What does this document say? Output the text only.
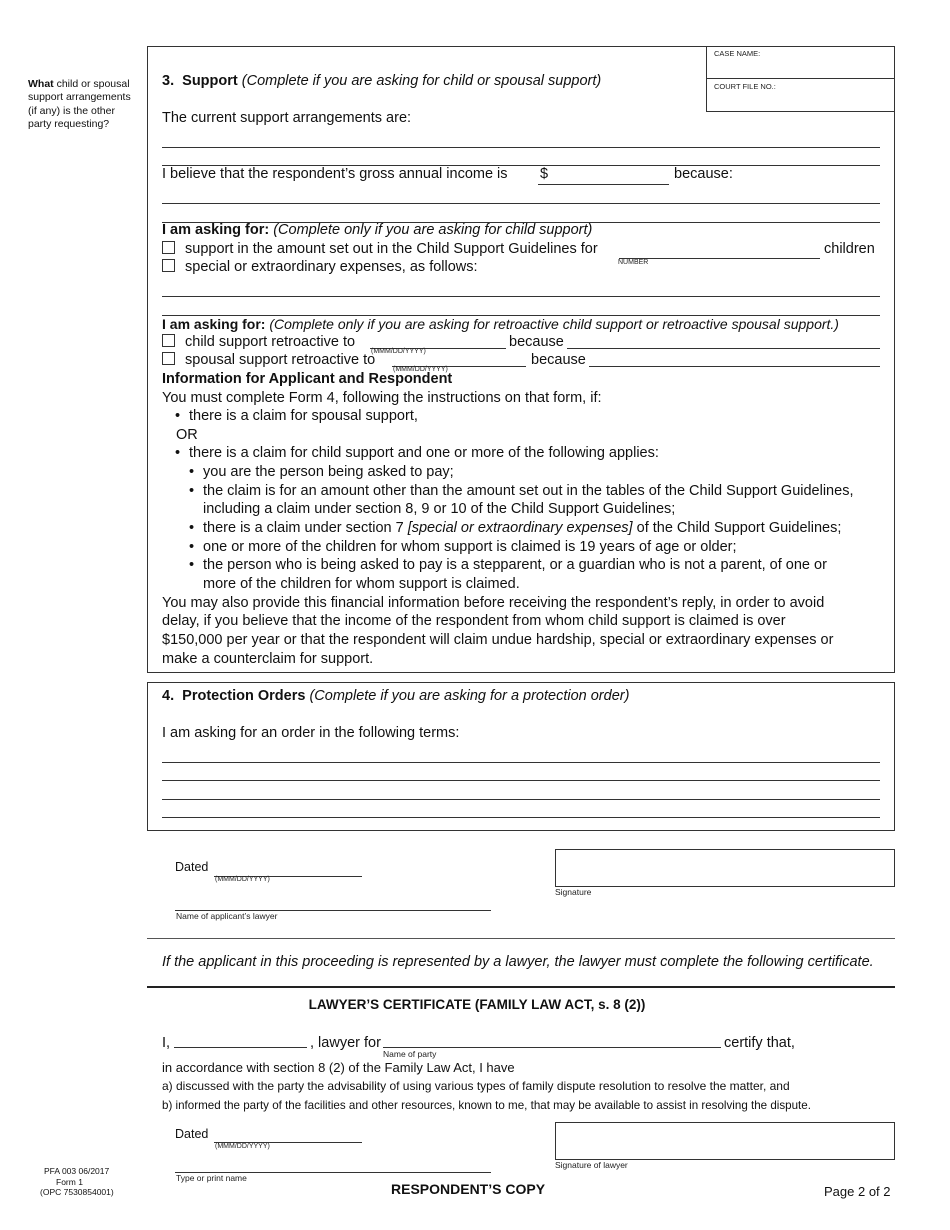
What child or spousal support arrangements (if any) is the other party requesting?
CASE NAME:
COURT FILE NO.:
3. Support (Complete if you are asking for child or spousal support)
The current support arrangements are:
I believe that the respondent’s gross annual income is $	because:
I am asking for: (Complete only if you are asking for child support)
support in the amount set out in the Child Support Guidelines for
NUMBER
children
special or extraordinary expenses, as follows:
I am asking for: (Complete only if you are asking for retroactive child support or retroactive spousal support.)
child support retroactive to
(MMM/DD/YYYY)
because
spousal support retroactive to
(MMM/DD/YYYY)
because
Information for Applicant and Respondent
You must complete Form 4, following the instructions on that form, if:
• there is a claim for spousal support,
OR
• there is a claim for child support and one or more of the following applies:
• you are the person being asked to pay;
• the claim is for an amount other than the amount set out in the tables of the Child Support Guidelines,
including a claim under section 8, 9 or 10 of the Child Support Guidelines;
• there is a claim under section 7 [special or extraordinary expenses] of the Child Support Guidelines;
• one or more of the children for whom support is claimed is 19 years of age or older;
• the person who is being asked to pay is a stepparent, or a guardian who is not a parent, of one or
more of the children for whom support is claimed.
You may also provide this financial information before receiving the respondent’s reply, in order to avoid
delay, if you believe that the income of the respondent from whom child support is claimed is over
$150,000 per year or that the respondent will claim undue hardship, special or extraordinary expenses or
make a counterclaim for support.
4. Protection Orders (Complete if you are asking for a protection order)
I am asking for an order in the following terms:
Dated
(MMM/DD/YYYY)
Signature
Name of applicant’s lawyer
If the applicant in this proceeding is represented by a lawyer, the lawyer must complete the following certificate.
LAWYER’S CERTIFICATE (FAMILY LAW ACT, s. 8 (2))
I,	, lawyer for
Name of party
certify that,
in accordance with section 8 (2) of the Family Law Act, I have
a) discussed with the party the advisability of using various types of family dispute resolution to resolve the matter, and
b) informed the party of the facilities and other resources, known to me, that may be available to assist in resolving the dispute.
Dated
(MMM/DD/YYYY)
Signature of lawyer
Type or print name
PFA 003 06/2017
Form 1
(OPC 7530854001)	RESPONDENT’S COPY	Page 2 of 2
